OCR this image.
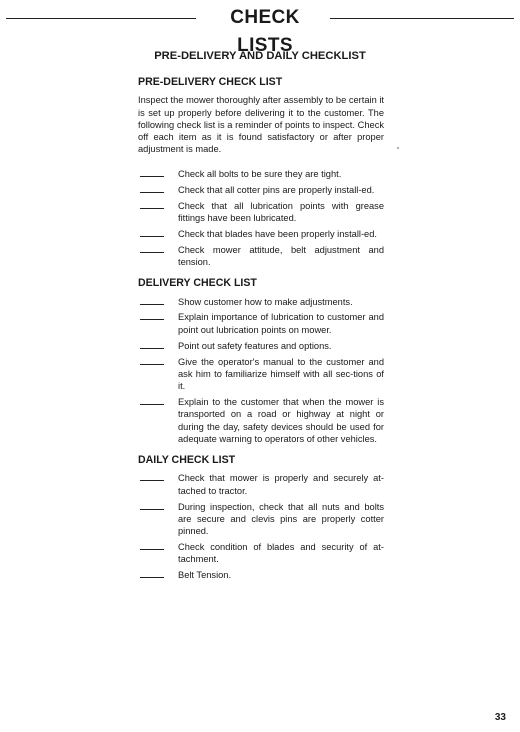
CHECK LISTS
PRE-DELIVERY AND DAILY CHECKLIST
PRE-DELIVERY CHECK LIST

Inspect the mower thoroughly after assembly to be certain it is set up properly before delivering it to the customer. The following check list is a reminder of points to inspect. Check off each item as it is found satisfactory or after proper adjustment is made.

Check all bolts to be sure they are tight.
Check that all cotter pins are properly install-ed.
Check that all lubrication points with grease fittings have been lubricated.
Check that blades have been properly install-ed.
Check mower attitude, belt adjustment and tension.
DELIVERY CHECK LIST
Show customer how to make adjustments.
Explain importance of lubrication to customer and point out lubrication points on mower.
Point out safety features and options.
Give the operator's manual to the customer and ask him to familiarize himself with all sec-tions of it.
Explain to the customer that when the mower is transported on a road or highway at night or during the day, safety devices should be used for adequate warning to operators of other vehicles.
DAILY CHECK LIST
Check that mower is properly and securely at-tached to tractor.
During inspection, check that all nuts and bolts are secure and clevis pins are properly cotter pinned.
Check condition of blades and security of at-tachment.
Belt Tension.
33
